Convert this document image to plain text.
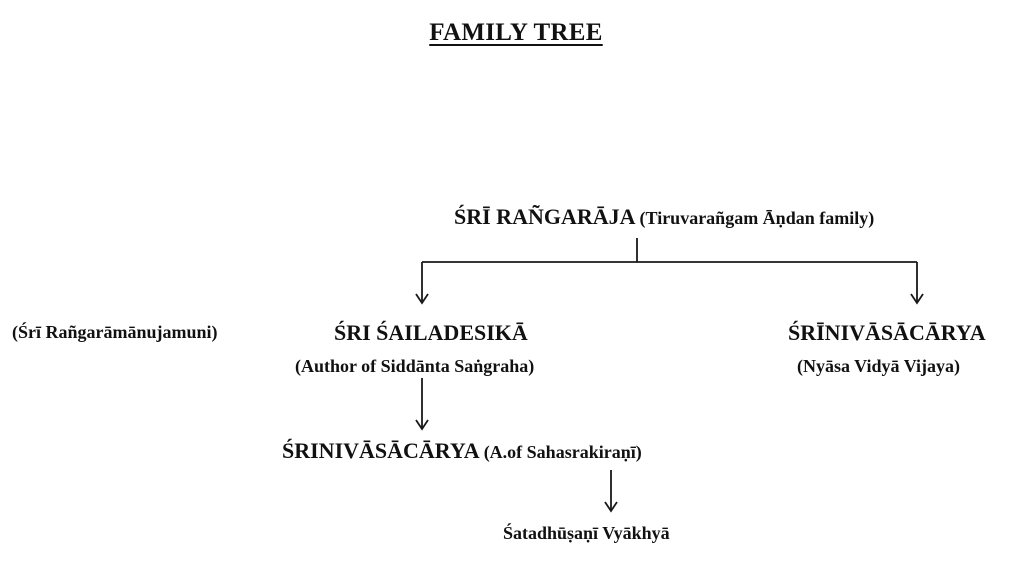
FAMILY TREE
ŚRĪ RAÑGARĀJA (Tiruvarañgam Āṇdan family)
(Śrī Rañgarāmānujamuni)	ŚRI ŚAILADESIKĀ
(Author of Siddānta Saṅgraha)
ŚRĪNIVĀSĀCĀRYA
(Nyāsa Vidyā Vijaya)
ŚRINIVĀSĀCĀRYA (A.of Sahasrakiraṇī)
Śatadhūṣaṇī Vyākhyā
